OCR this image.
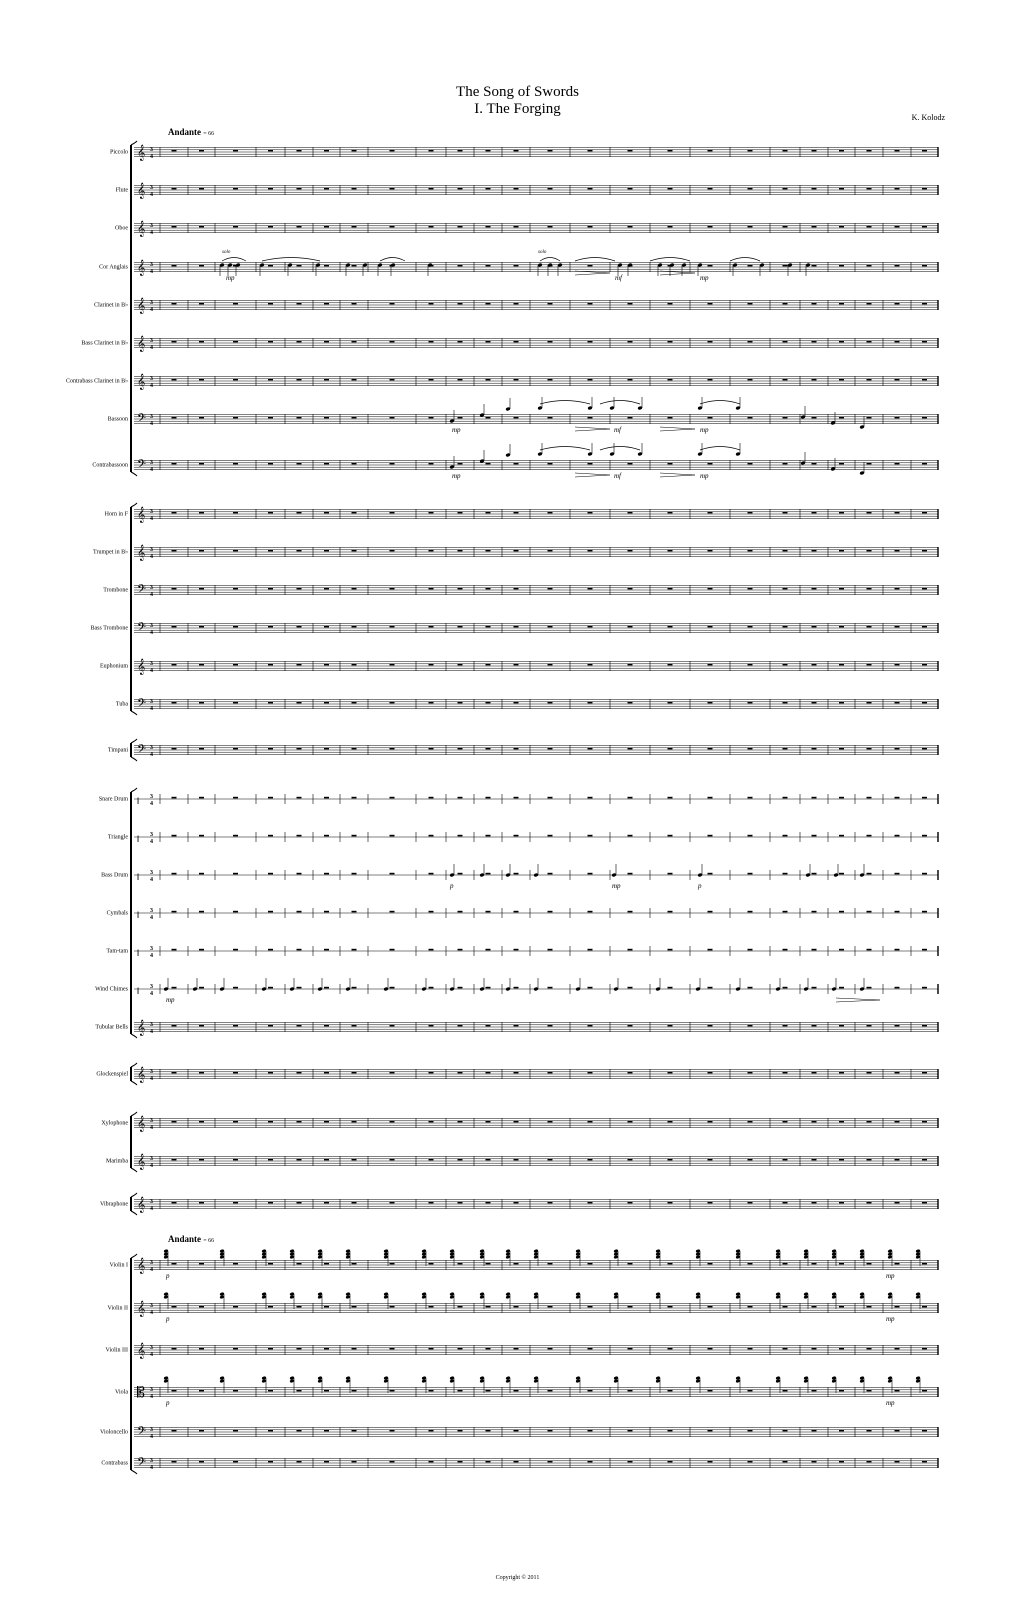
The Song of Swords
I. The Forging
K. Kolodz
Andante = 66
Andante = 66
Piccolo
Flute
Oboe
Cor Anglais
Clarinet in B♭
Bass Clarinet in B♭
Contrabass Clarinet in B♭
Bassoon
Contrabassoon
Horn in F
Trumpet in B♭
Trombone
Bass Trombone
Euphonium
Tuba
Timpani
Snare Drum
Triangle
Bass Drum
Cymbals
Tam-tam
Wind Chimes
Tubular Bells
Glockenspiel
Xylophone
Marimba
Vibraphone
Violin I
Violin II
Violin III
Viola
Violoncello
Contrabass
𝄞 3
4
𝄞 3
4
𝄞 3
4
𝄞 3
4
solo
mp
solo
mf	mp
𝄞 3
4
𝄞 3
4
𝄞 3
4
𝄢 3
4
mp	mf	mp
𝄢 3
4
mp	mf	mp
𝄞 3
4
𝄞 3
4
𝄢 3
4
𝄢 3
4
𝄞 3
4
𝄢 3
4
𝄢 3
4
‖ 3
4
‖ 3
4
‖ 3
4
p	mp	p
‖ 3
4
‖ 3
4
‖ 3
4
mp
𝄞 3
4
𝄞 3
4
𝄞 3
4
𝄞 3
4
𝄞 3
4
𝄞 3
4
p	mp
𝄞 3
4
p	mp
𝄞 3
4
𝄡 3
4
p	mp
𝄢 3
4
𝄢 3
4
Copyright © 2011
